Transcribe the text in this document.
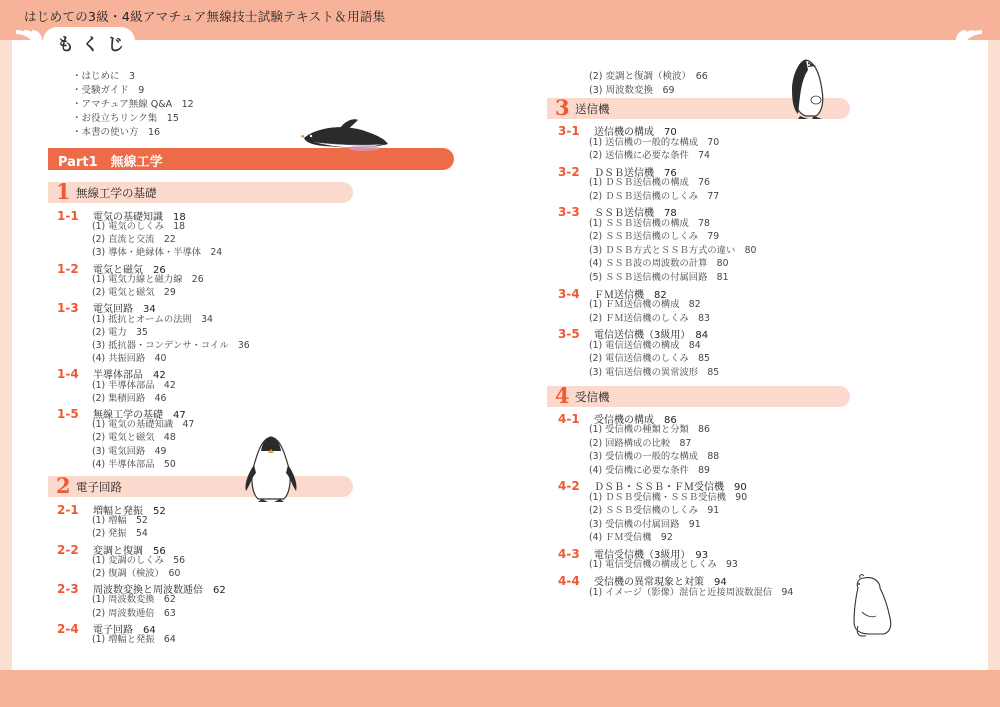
はじめての3級・4級アマチュア無線技士試験テキスト＆用語集
もくじ
・はじめに　3
・受験ガイド　9
・アマチュア無線 Q&A　12
・お役立ちリンク集　15
・本書の使い方　16
Part1　無線工学
1 無線工学の基礎
1-1 電気の基礎知識　18
(1) 電気のしくみ　18
(2) 直流と交流　22
(3) 導体・絶縁体・半導体　24
1-2 電気と磁気　26
(1) 電気力線と磁力線　26
(2) 電気と磁気　29
1-3 電気回路　34
(1) 抵抗とオームの法則　34
(2) 電力　35
(3) 抵抗器・コンデンサ・コイル　36
(4) 共振回路　40
1-4 半導体部品　42
(1) 半導体部品　42
(2) 集積回路　46
1-5 無線工学の基礎　47
(1) 電気の基礎知識　47
(2) 電気と磁気　48
(3) 電気回路　49
(4) 半導体部品　50
2 電子回路
2-1 増幅と発振　52
(1) 増幅　52
(2) 発振　54
2-2 変調と復調　56
(1) 変調のしくみ　56
(2) 復調（検波）　60
2-3 周波数変換と周波数逓倍　62
(1) 周波数変換　62
(2) 周波数逓倍　63
2-4 電子回路　64
(1) 増幅と発振　64
(2) 変調と復調（検波）　66
(3) 周波数変換　69
3 送信機
3-1 送信機の構成　70
(1) 送信機の一般的な構成　70
(2) 送信機に必要な条件　74
3-2 ＤＳＢ送信機　76
(1) ＤＳＢ送信機の構成　76
(2) ＤＳＢ送信機のしくみ　77
3-3 ＳＳＢ送信機　78
(1) ＳＳＢ送信機の構成　78
(2) ＳＳＢ送信機のしくみ　79
(3) ＤＳＢ方式とＳＳＢ方式の違い　80
(4) ＳＳＢ波の周波数の計算　80
(5) ＳＳＢ送信機の付属回路　81
3-4 ＦＭ送信機　82
(1) ＦＭ送信機の構成　82
(2) ＦＭ送信機のしくみ　83
3-5 電信送信機（3級用）　84
(1) 電信送信機の構成　84
(2) 電信送信機のしくみ　85
(3) 電信送信機の異常波形　85
4 受信機
4-1 受信機の構成　86
(1) 受信機の種類と分類　86
(2) 回路構成の比較　87
(3) 受信機の一般的な構成　88
(4) 受信機に必要な条件　89
4-2 ＤＳＢ・ＳＳＢ・ＦＭ受信機　90
(1) ＤＳＢ受信機・ＳＳＢ受信機　90
(2) ＳＳＢ受信機のしくみ　91
(3) 受信機の付属回路　91
(4) ＦＭ受信機　92
4-3 電信受信機（3級用）　93
(1) 電信受信機の構成としくみ　93
4-4 受信機の異常現象と対策　94
(1) イメージ（影像）混信と近接周波数混信　94
